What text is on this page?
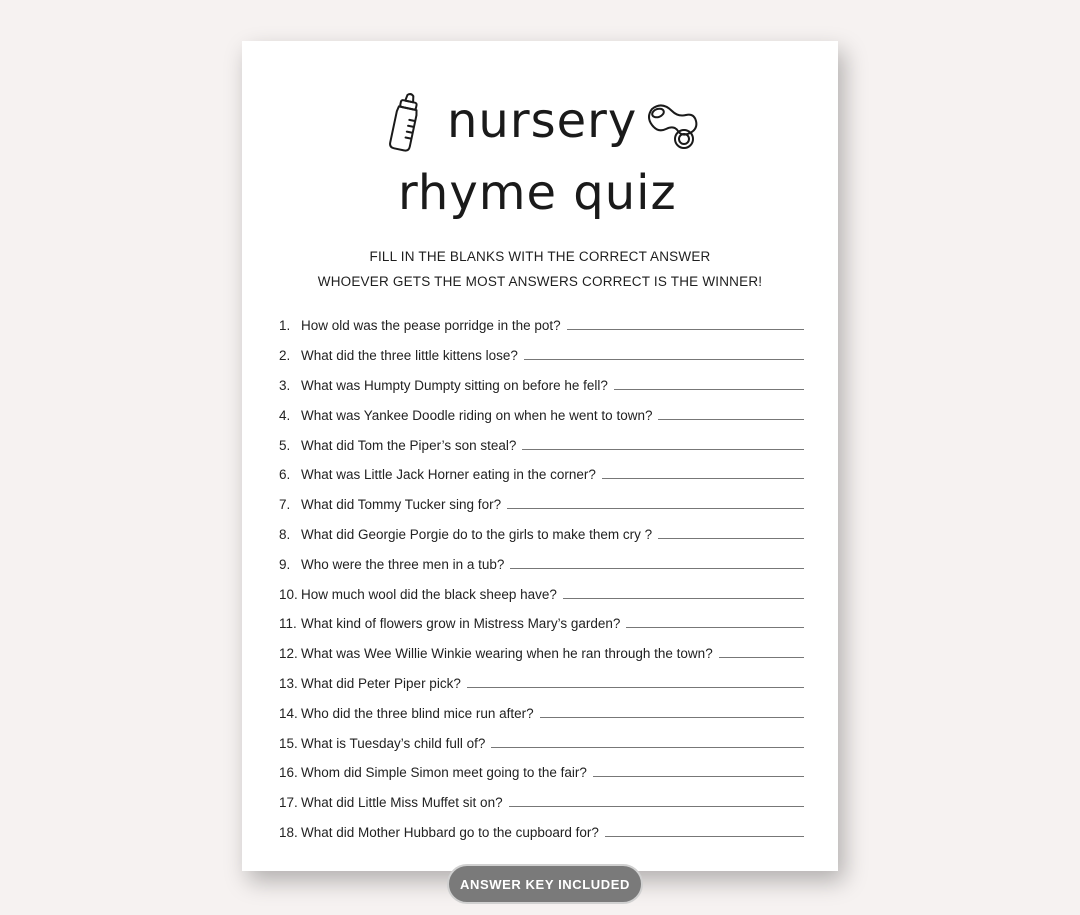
nursery
rhyme quiz
FILL IN THE BLANKS WITH THE CORRECT ANSWER
WHOEVER GETS THE MOST ANSWERS CORRECT IS THE WINNER!
1. How old was the pease porridge in the pot?
2. What did the three little kittens lose?
3. What was Humpty Dumpty sitting on before he fell?
4. What was Yankee Doodle riding on when he went to town?
5. What did Tom the Piper’s son steal?
6. What was Little Jack Horner eating in the corner?
7. What did Tommy Tucker sing for?
8. What did Georgie Porgie do to the girls to make them cry ?
9. Who were the three men in a tub?
10. How much wool did the black sheep have?
11. What kind of flowers grow in Mistress Mary’s garden?
12. What was Wee Willie Winkie wearing when he ran through the town?
13. What did Peter Piper pick?
14. Who did the three blind mice run after?
15. What is Tuesday’s child full of?
16. Whom did Simple Simon meet going to the fair?
17. What did Little Miss Muffet sit on?
18. What did Mother Hubbard go to the cupboard for?
ANSWER KEY INCLUDED
